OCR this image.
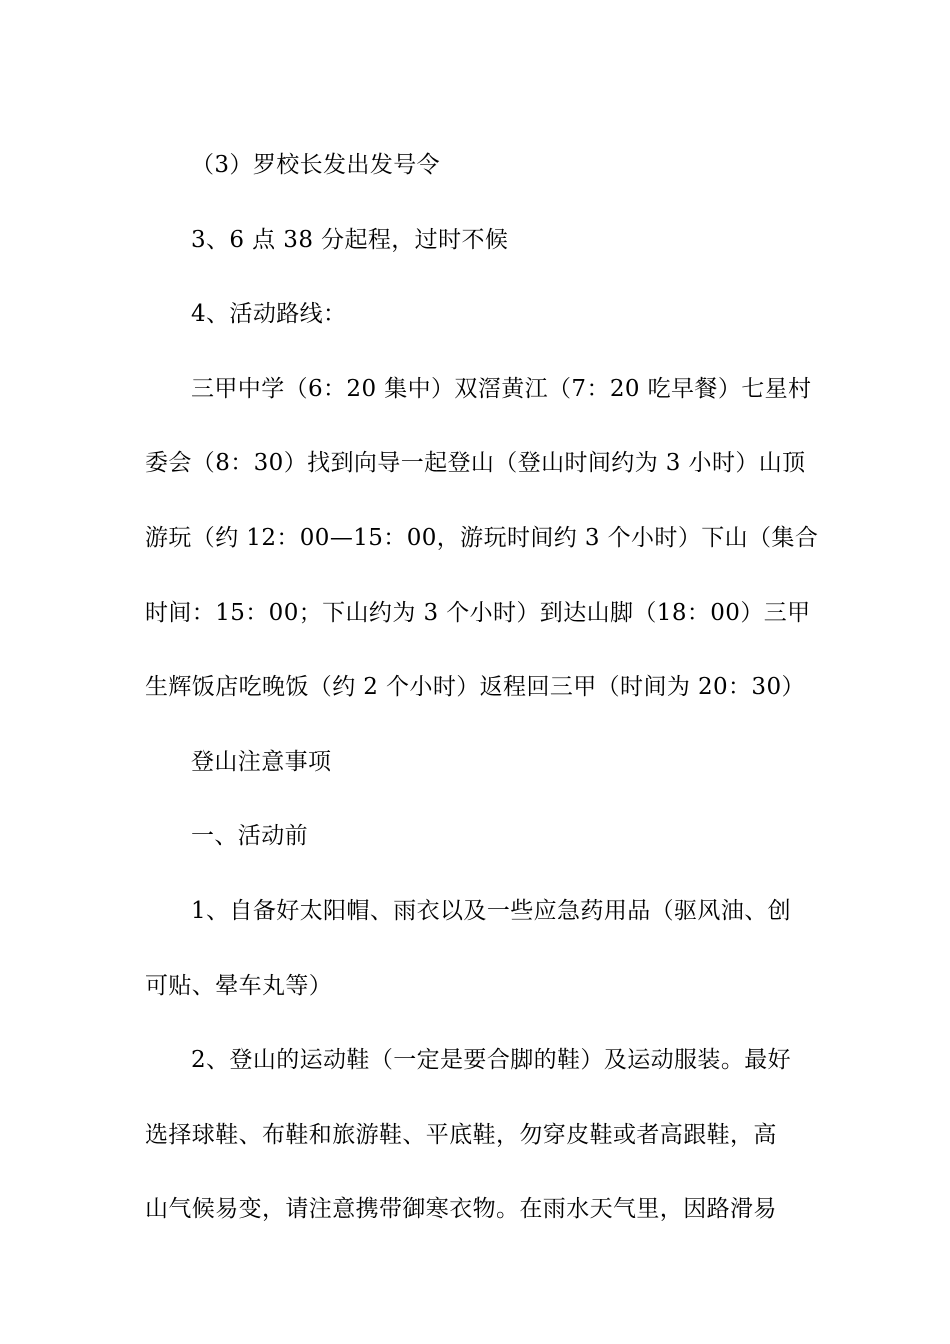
（3）罗校长发出发号令

3、6 点 38 分起程，过时不候

4、活动路线：

三甲中学（6：20 集中）双滘黄江（7：20 吃早餐）七星村
委会（8：30）找到向导一起登山（登山时间约为 3 小时）山顶
游玩（约 12：00—15：00，游玩时间约 3 个小时）下山（集合
时间：15：00；下山约为 3 个小时）到达山脚（18：00）三甲
生辉饭店吃晚饭（约 2 个小时）返程回三甲（时间为 20：30）

登山注意事项

一、活动前

1、自备好太阳帽、雨衣以及一些应急药用品（驱风油、创
可贴、晕车丸等）

2、登山的运动鞋（一定是要合脚的鞋）及运动服装。最好
选择球鞋、布鞋和旅游鞋、平底鞋，勿穿皮鞋或者高跟鞋，高
山气候易变，请注意携带御寒衣物。在雨水天气里，因路滑易
